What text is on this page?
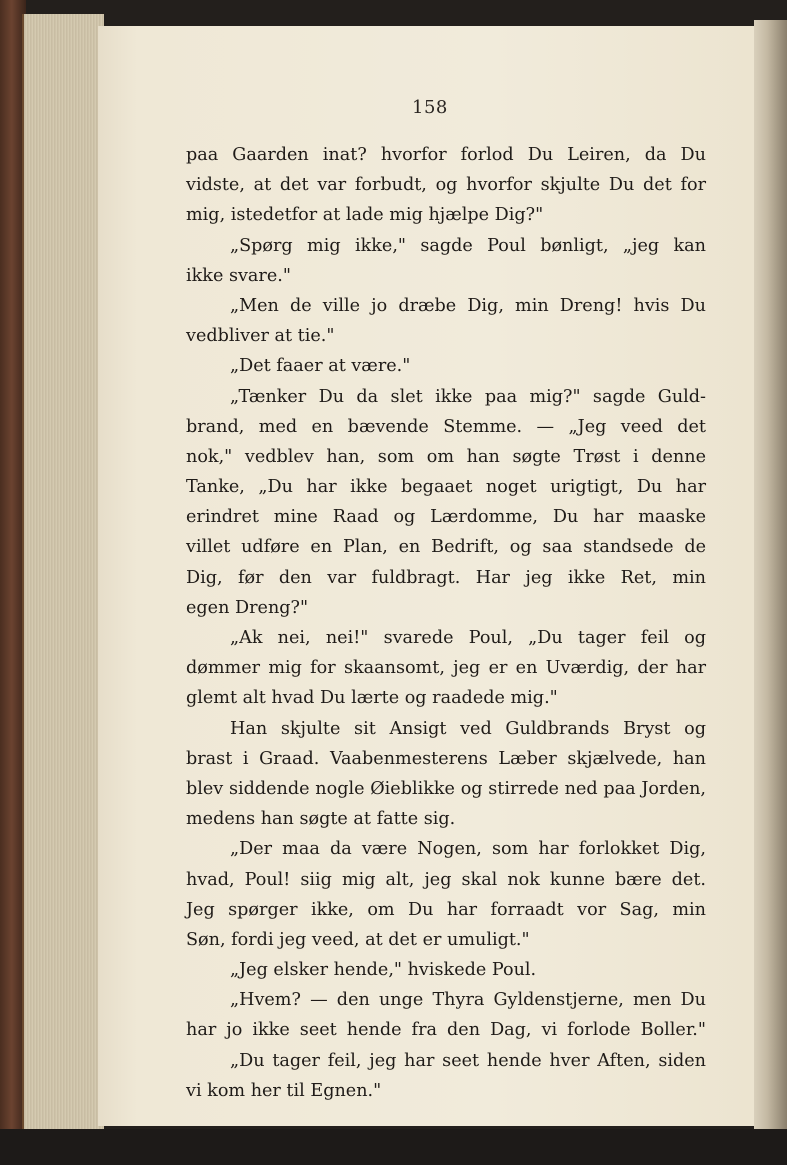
158
paa Gaarden inat? hvorfor forlod Du Leiren, da Du
vidste, at det var forbudt, og hvorfor skjulte Du det for
mig, istedetfor at lade mig hjælpe Dig?"
„Spørg mig ikke," sagde Poul bønligt, „jeg kan
ikke svare."
„Men de ville jo dræbe Dig, min Dreng! hvis Du
vedbliver at tie."
„Det faaer at være."
„Tænker Du da slet ikke paa mig?" sagde Guld-
brand, med en bævende Stemme. — „Jeg veed det
nok," vedblev han, som om han søgte Trøst i denne
Tanke, „Du har ikke begaaet noget urigtigt, Du har
erindret mine Raad og Lærdomme, Du har maaske
villet udføre en Plan, en Bedrift, og saa standsede de
Dig, før den var fuldbragt. Har jeg ikke Ret, min
egen Dreng?"
„Ak nei, nei!" svarede Poul, „Du tager feil og
dømmer mig for skaansomt, jeg er en Uværdig, der har
glemt alt hvad Du lærte og raadede mig."
Han skjulte sit Ansigt ved Guldbrands Bryst og
brast i Graad. Vaabenmesterens Læber skjælvede, han
blev siddende nogle Øieblikke og stirrede ned paa Jorden,
medens han søgte at fatte sig.
„Der maa da være Nogen, som har forlokket Dig,
hvad, Poul! siig mig alt, jeg skal nok kunne bære det.
Jeg spørger ikke, om Du har forraadt vor Sag, min
Søn, fordi jeg veed, at det er umuligt."
„Jeg elsker hende," hviskede Poul.
„Hvem? — den unge Thyra Gyldenstjerne, men Du
har jo ikke seet hende fra den Dag, vi forlode Boller."
„Du tager feil, jeg har seet hende hver Aften, siden
vi kom her til Egnen."
